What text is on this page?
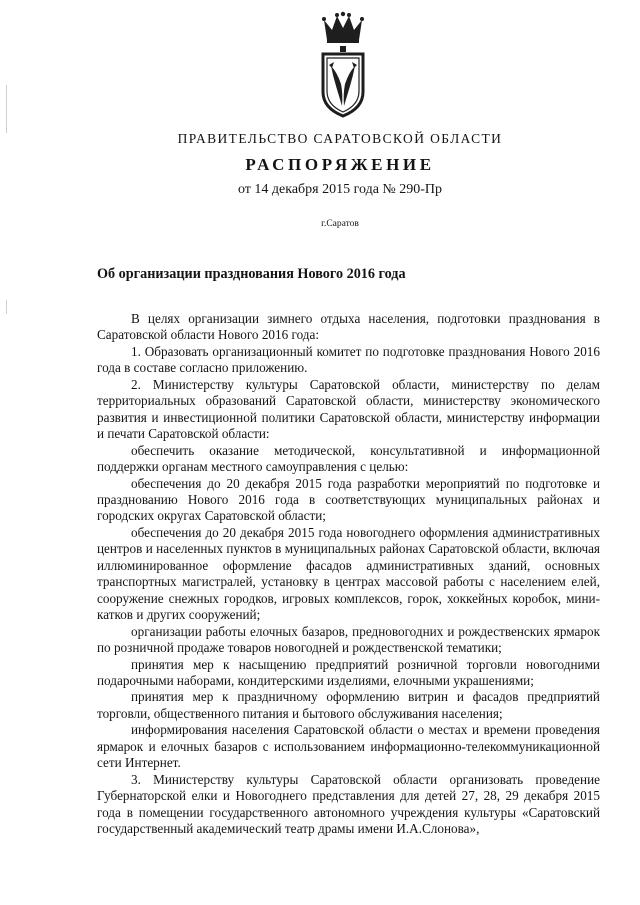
ПРАВИТЕЛЬСТВО САРАТОВСКОЙ ОБЛАСТИ
РАСПОРЯЖЕНИЕ
от 14 декабря 2015 года № 290-Пр
г.Саратов
Об организации празднования Нового 2016 года

В целях организации зимнего отдыха населения, подготовки празднования в Саратовской области Нового 2016 года:

1. Образовать организационный комитет по подготовке празднования Нового 2016 года в составе согласно приложению.

2. Министерству культуры Саратовской области, министерству по делам территориальных образований Саратовской области, министерству экономического развития и инвестиционной политики Саратовской области, министерству информации и печати Саратовской области:

обеспечить оказание методической, консультативной и информационной поддержки органам местного самоуправления с целью:

обеспечения до 20 декабря 2015 года разработки мероприятий по подготовке и празднованию Нового 2016 года в соответствующих муниципальных районах и городских округах Саратовской области;

обеспечения до 20 декабря 2015 года новогоднего оформления административных центров и населенных пунктов в муниципальных районах Саратовской области, включая иллюминированное оформление фасадов административных зданий, основных транспортных магистралей, установку в центрах массовой работы с населением елей, сооружение снежных городков, игровых комплексов, горок, хоккейных коробок, мини-катков и других сооружений;

организации работы елочных базаров, предновогодних и рождественских ярмарок по розничной продаже товаров новогодней и рождественской тематики;

принятия мер к насыщению предприятий розничной торговли новогодними подарочными наборами, кондитерскими изделиями, елочными украшениями;

принятия мер к праздничному оформлению витрин и фасадов предприятий торговли, общественного питания и бытового обслуживания населения;

информирования населения Саратовской области о местах и времени проведения ярмарок и елочных базаров с использованием информационно-телекоммуникационной сети Интернет.

3. Министерству культуры Саратовской области организовать проведение Губернаторской елки и Новогоднего представления для детей 27, 28, 29 декабря 2015 года в помещении государственного автономного учреждения культуры «Саратовский государственный академический театр драмы имени И.А.Слонова»,
